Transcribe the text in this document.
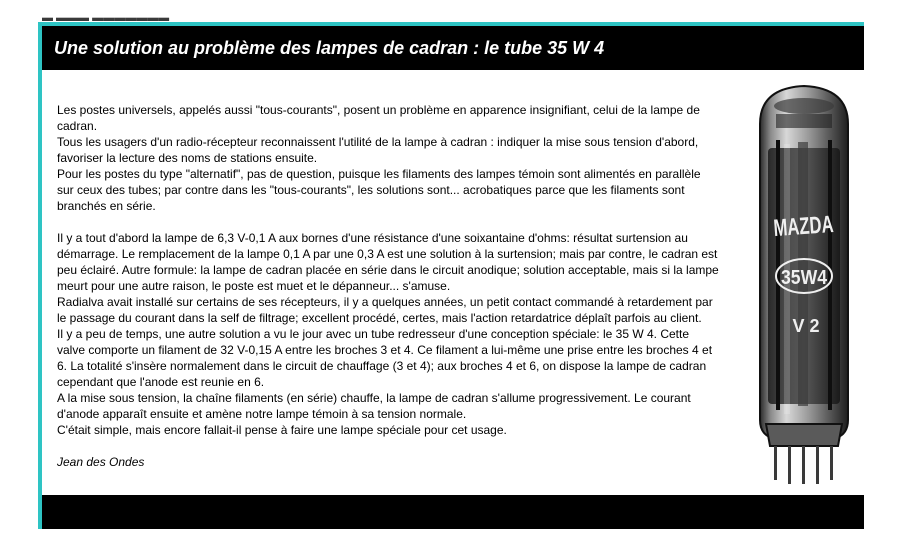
▬ ▬▬▬ ▬▬▬▬▬▬▬
Une solution au problème des lampes de cadran : le tube 35 W 4

Les postes universels, appelés aussi "tous-courants", posent un problème en apparence insignifiant, celui de la lampe de cadran.

Tous les usagers d'un radio-récepteur reconnaissent l'utilité de la lampe à cadran : indiquer la mise sous tension d'abord, favoriser la lecture des noms de stations ensuite.

Pour les postes du type "alternatif", pas de question, puisque les filaments des lampes témoin sont alimentés en parallèle sur ceux des tubes; par contre dans les "tous-courants", les solutions sont... acrobatiques parce que les filaments sont branchés en série.

Il y a tout d'abord la lampe de 6,3 V-0,1 A aux bornes d'une résistance d'une soixantaine d'ohms: résultat surtension au démarrage. Le remplacement de la lampe 0,1 A par une 0,3 A est une solution à la surtension; mais par contre, le cadran est peu éclairé. Autre formule: la lampe de cadran placée en série dans le circuit anodique; solution acceptable, mais si la lampe meurt pour une autre raison, le poste est muet et le dépanneur... s'amuse.

Radialva avait installé sur certains de ses récepteurs, il y a quelques années, un petit contact commandé à retardement par le passage du courant dans la self de filtrage; excellent procédé, certes, mais l'action retardatrice déplaît parfois au client.

Il y a peu de temps, une autre solution a vu le jour avec un tube redresseur d'une conception spéciale: le 35 W 4. Cette valve comporte un filament de 32 V-0,15 A entre les broches 3 et 4. Ce filament a lui-même une prise entre les broches 4 et 6. La totalité s'insère normalement dans le circuit de chauffage (3 et 4); aux broches 4 et 6, on dispose la lampe de cadran cependant que l'anode est reunie en 6.

A la mise sous tension, la chaîne filaments (en série) chauffe, la lampe de cadran s'allume progressivement. Le courant d'anode apparaît ensuite et amène notre lampe témoin à sa tension normale.

C'était simple, mais encore fallait-il pense à faire une lampe spéciale pour cet usage.

Jean des Ondes

MAZDA
35W4
V 2
